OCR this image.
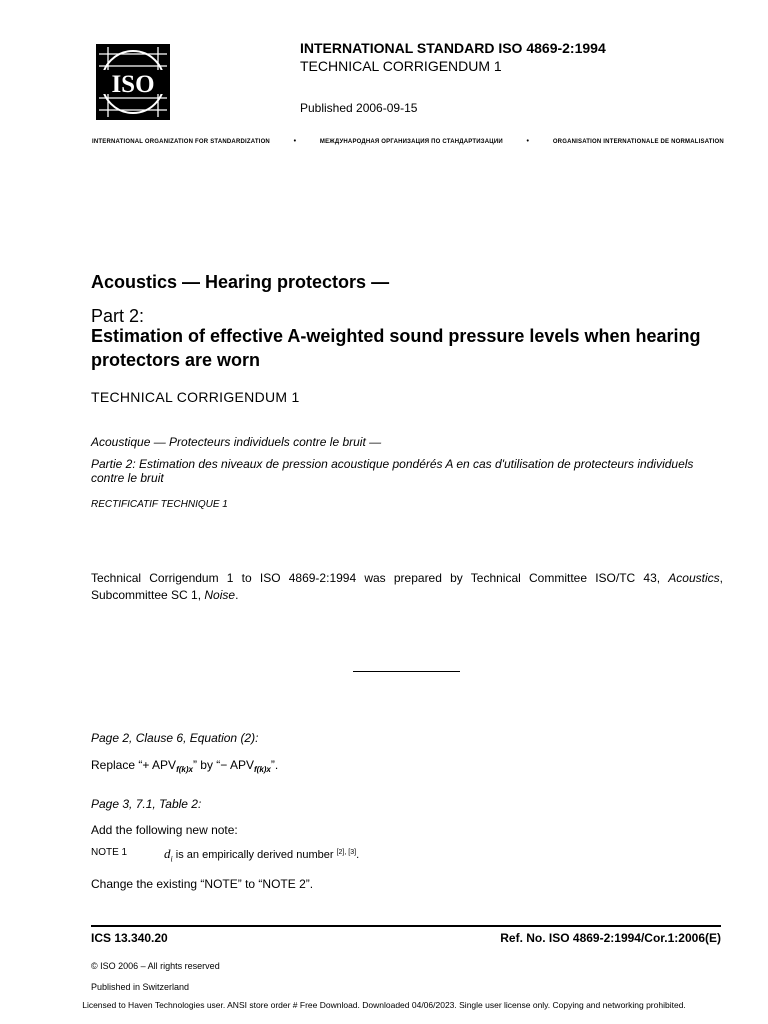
ISO
INTERNATIONAL STANDARD ISO 4869-2:1994
TECHNICAL CORRIGENDUM 1
Published 2006-09-15
INTERNATIONAL ORGANIZATION FOR STANDARDIZATION	•	МЕЖДУНАРОДНАЯ ОРГАНИЗАЦИЯ ПО СТАНДАРТИЗАЦИИ	•	ORGANISATION INTERNATIONALE DE NORMALISATION
Acoustics — Hearing protectors —
Part 2:
Estimation of effective A-weighted sound pressure levels when hearing protectors are worn
TECHNICAL CORRIGENDUM 1
Acoustique — Protecteurs individuels contre le bruit —
Partie 2: Estimation des niveaux de pression acoustique pondérés A en cas d'utilisation de protecteurs individuels contre le bruit
RECTIFICATIF TECHNIQUE 1
Technical Corrigendum 1 to ISO 4869-2:1994 was prepared by Technical Committee ISO/TC 43, Acoustics, Subcommittee SC 1, Noise.
Page 2, Clause 6, Equation (2):
Replace “+ $APV_{f(k)x}$” by “− $APV_{f(k)x}$”.
Page 3, 7.1, Table 2:
Add the following new note:
NOTE 1	$d_i$ is an empirically derived number [2], [3].
Change the existing “NOTE” to “NOTE 2”.
ICS 13.340.20	Ref. No. ISO 4869-2:1994/Cor.1:2006(E)
© ISO 2006 – All rights reserved
Published in Switzerland
Licensed to Haven Technologies user. ANSI store order # Free Download. Downloaded 04/06/2023. Single user license only. Copying and networking prohibited.
